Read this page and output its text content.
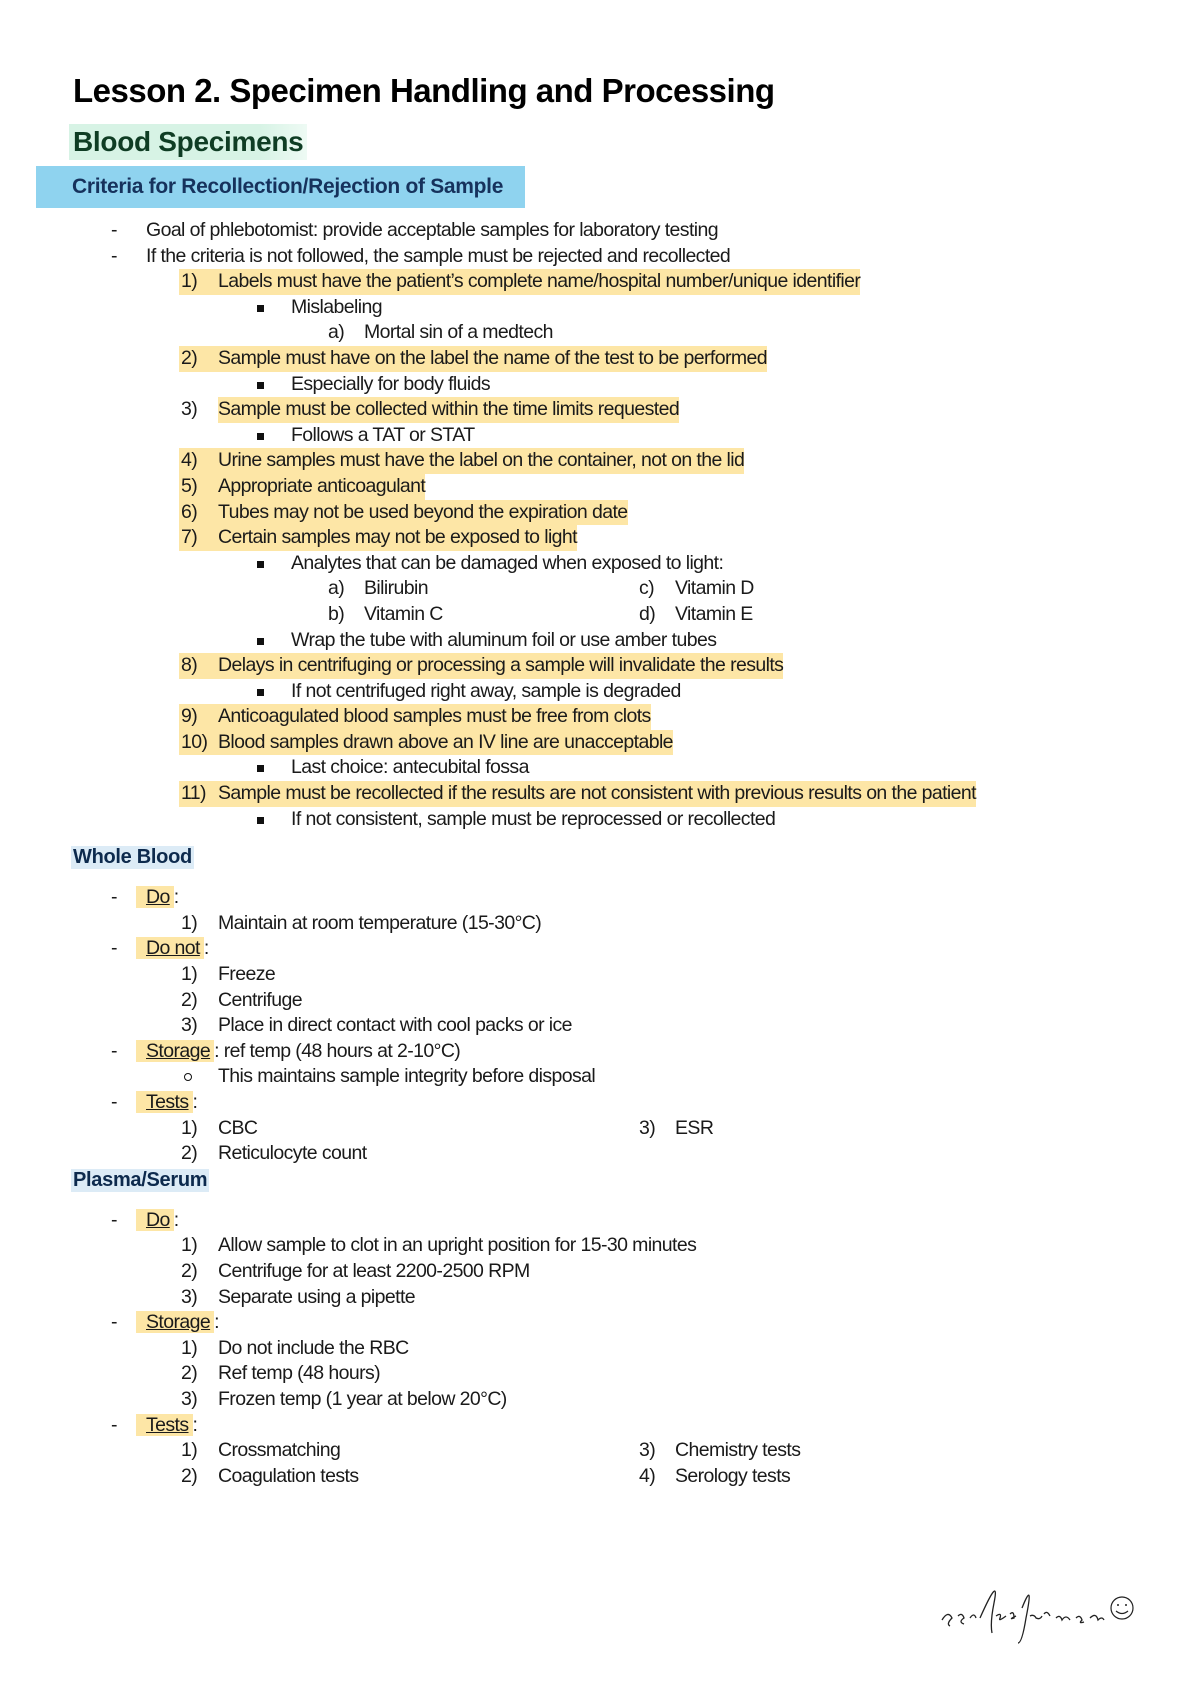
Lesson 2. Specimen Handling and Processing
Blood Specimens
Criteria for Recollection/Rejection of Sample
- Goal of phlebotomist: provide acceptable samples for laboratory testing
- If the criteria is not followed, the sample must be rejected and recollected
1)	Labels must have the patient’s complete name/hospital number/unique identifier
Mislabeling
a) Mortal sin of a medtech
2)	Sample must have on the label the name of the test to be performed
Especially for body fluids
3)	Sample must be collected within the time limits requested
Follows a TAT or STAT
4)	Urine samples must have the label on the container, not on the lid
5)	Appropriate anticoagulant
6)	Tubes may not be used beyond the expiration date
7)	Certain samples may not be exposed to light
Analytes that can be damaged when exposed to light:
a) Bilirubin	c) Vitamin D
b) Vitamin C	d) Vitamin E
Wrap the tube with aluminum foil or use amber tubes
8)	Delays in centrifuging or processing a sample will invalidate the results
If not centrifuged right away, sample is degraded
9)	Anticoagulated blood samples must be free from clots
10) Blood samples drawn above an IV line are unacceptable
Last choice: antecubital fossa
11) Sample must be recollected if the results are not consistent with previous results on the patient
If not consistent, sample must be reprocessed or recollected
Whole Blood
- Do :
1)	Maintain at room temperature (15-30°C)
- Do not :
1)	Freeze
2)	Centrifuge
3)	Place in direct contact with cool packs or ice
- Storage : ref temp (48 hours at 2-10°C)
This maintains sample integrity before disposal
- Tests :
1)	CBC	3) ESR
2)	Reticulocyte count
Plasma/Serum
- Do :
1)	Allow sample to clot in an upright position for 15-30 minutes
2)	Centrifuge for at least 2200-2500 RPM
3)	Separate using a pipette
- Storage :
1)	Do not include the RBC
2)	Ref temp (48 hours)
3)	Frozen temp (1 year at below 20°C)
- Tests :
1)	Crossmatching	3) Chemistry tests
2)	Coagulation tests	4) Serology tests
